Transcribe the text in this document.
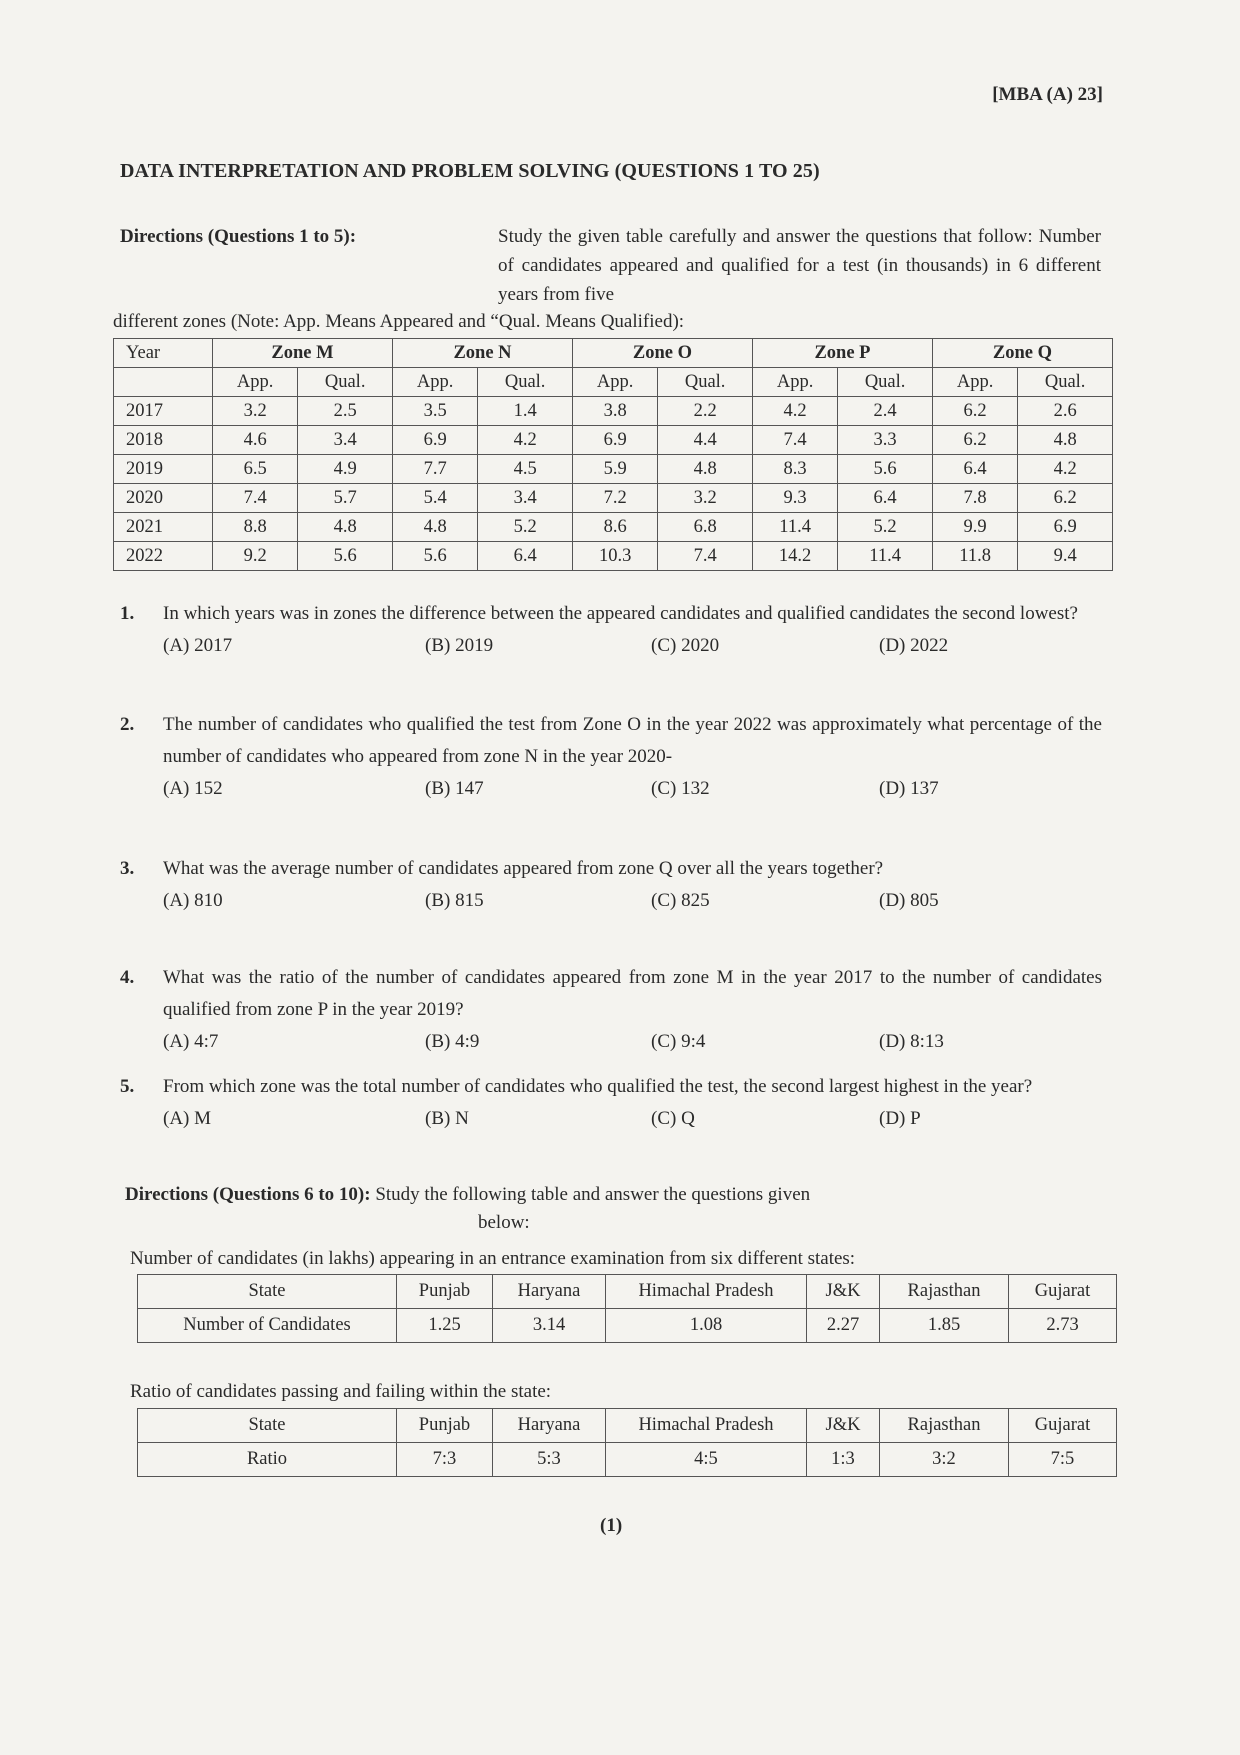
[MBA (A) 23]
DATA INTERPRETATION AND PROBLEM SOLVING (QUESTIONS 1 TO 25)
Directions (Questions 1 to 5):	Study the given table carefully and answer the questions that follow: Number of candidates appeared and qualified for a test (in thousands) in 6 different years from five
different zones (Note: App. Means Appeared and “Qual. Means Qualified):
Year	Zone M		Zone N		Zone O		Zone P		Zone Q	
	App.	Qual.	App.	Qual.	App.	Qual.	App.	Qual.	App.	Qual.
2017	3.2	2.5	3.5	1.4	3.8	2.2	4.2	2.4	6.2	2.6
2018	4.6	3.4	6.9	4.2	6.9	4.4	7.4	3.3	6.2	4.8
2019	6.5	4.9	7.7	4.5	5.9	4.8	8.3	5.6	6.4	4.2
2020	7.4	5.7	5.4	3.4	7.2	3.2	9.3	6.4	7.8	6.2
2021	8.8	4.8	4.8	5.2	8.6	6.8	11.4	5.2	9.9	6.9
2022	9.2	5.6	5.6	6.4	10.3	7.4	14.2	11.4	11.8	9.4
1. In which years was in zones the difference between the appeared candidates and qualified candidates the second lowest?
(A) 2017	(B) 2019	(C) 2020	(D) 2022
2. The number of candidates who qualified the test from Zone O in the year 2022 was approximately what percentage of the number of candidates who appeared from zone N in the year 2020-
(A) 152	(B) 147	(C) 132	(D) 137
3. What was the average number of candidates appeared from zone Q over all the years together?
(A) 810	(B) 815	(C) 825	(D) 805
4. What was the ratio of the number of candidates appeared from zone M in the year 2017 to the number of candidates qualified from zone P in the year 2019?
(A) 4:7	(B) 4:9	(C) 9:4	(D) 8:13
5. From which zone was the total number of candidates who qualified the test, the second largest highest in the year?
(A) M	(B) N	(C) Q	(D) P
Directions (Questions 6 to 10): Study the following table and answer the questions given
below:
Number of candidates (in lakhs) appearing in an entrance examination from six different states:
State	Punjab	Haryana	Himachal Pradesh	J&K	Rajasthan	Gujarat
Number of Candidates	1.25	3.14	1.08	2.27	1.85	2.73
Ratio of candidates passing and failing within the state:
State	Punjab	Haryana	Himachal Pradesh	J&K	Rajasthan	Gujarat
Ratio	7:3	5:3	4:5	1:3	3:2	7:5
(1)
